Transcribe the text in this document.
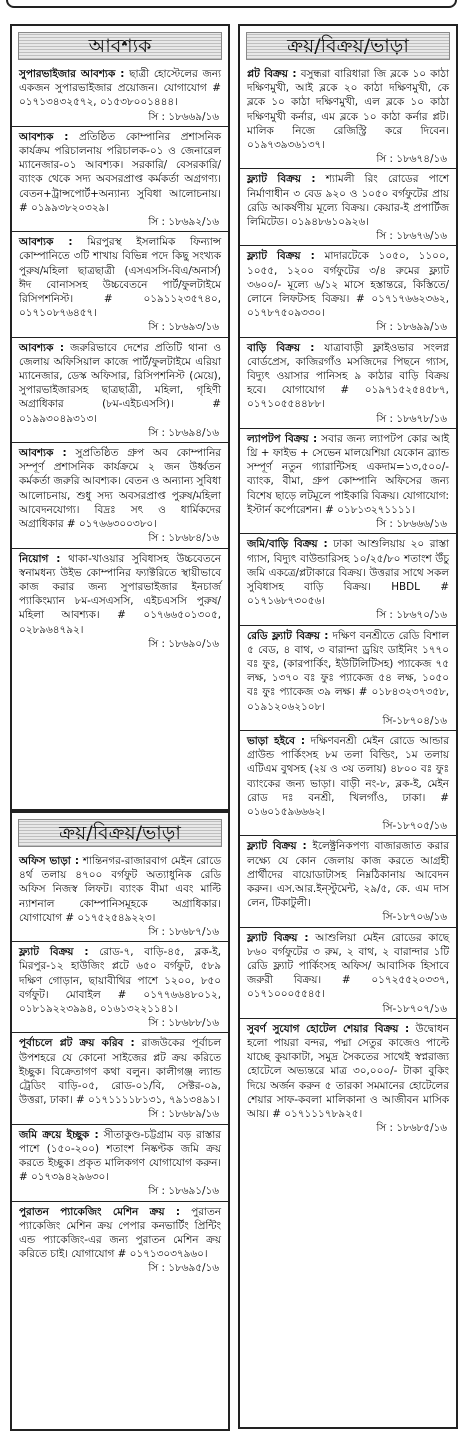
আবশ্যক
সুপারভাইজার আবশ্যক : ছাত্রী হোস্টেলের জন্য একজন সুপারভাইজার প্রয়োজন। যোগাযোগ # ০১৭১৩৪৩২৫৭২, ০১৫৩৮০০১৪৪৪।
সি : ১৮৬৬৯/১৬
আবশ্যক : প্রতিষ্ঠিত কোম্পানির প্রশাসনিক কার্যক্রম পরিচালনায় পরিচালক-০১ ও জেনারেল ম্যানেজার-০১ আবশ্যক। সরকারি/ বেসরকারি/ ব্যাংক থেকে সদ্য অবসরপ্রাপ্ত কর্মকর্তা অগ্রগণ্য। বেতন+ট্রান্সপোর্ট+অন্যান্য সুবিধা আলোচনায়। # ০১৯৯৩৮২০৩২৯।
সি : ১৮৬৯২/১৬
আবশ্যক : মিরপুরস্থ ইসলামিক ফিন্যান্স কোম্পানিতে ৩টি শাখায় বিভিন্ন পদে কিছু সংখ্যক পুরুষ/মহিলা ছাত্রছাত্রী (এসএসসি-বিএ/অনার্স) ঈদ বোনাসসহ উচ্চবেতনে পার্ট/ফুলটাইমে রিসিপশনিস্ট। # ০১৯১১২৩৫৭৪০, ০১৭১০৮৭৬৪৫৭।
সি : ১৮৬৯৩/১৬
আবশ্যক : জরুরিভাবে দেশের প্রতিটি থানা ও জেলায় অফিসিয়াল কাজে পার্ট/ফুলটাইমে এরিয়া ম্যানেজার, ডেস্ক অফিসার, রিসিপশনিস্ট (মেয়ে), সুপারভাইজারসহ ছাত্রছাত্রী, মহিলা, গৃহিণী অগ্রাধিকার (৮ম-এইচএসসি)। # ০১৯৯৩০৪৯৩১৩।
সি : ১৮৬৯৪/১৬
আবশ্যক : সুপ্রতিষ্ঠিত গ্রুপ অব কোম্পানির সম্পূর্ণ প্রশাসনিক কার্যক্রমে ২ জন উর্ধ্বতন কর্মকর্তা জরুরি আবশ্যক। বেতন ও অন্যান্য সুবিধা আলোচনায়, শুধু সদ্য অবসরপ্রাপ্ত পুরুষ/মহিলা আবেদনযোগ্য। বিদ্রঃ সৎ ও ধার্মিকদের অগ্রাধিকার # ০১৭৬৬৩০০৩৮০।
সি : ১৮৬৮৪/১৬
নিয়োগ : থাকা-খাওয়ার সুবিধাসহ উচ্চবেতনে স্বনামধন্য উইভ কোম্পানির ফ্যাক্টরিতে স্থায়ীভাবে কাজ করার জন্য সুপারভাইজার ইনচার্জ প্যাকিংম্যান ৮ম-এসএসসি, এইচএসসি পুরুষ/মহিলা আবশ্যক। # ০১৭৬৬৫০১৩০৫, ০২৮৯৬৪৭৯২।
সি : ১৮৬৯০/১৬
ক্রয়/বিক্রয়/ভাড়া
অফিস ভাড়া : শান্তিনগর-রাজারবাগ মেইন রোডে ৪র্থ তলায় ৪৭০০ বর্গফুট অত্যাধুনিক রেডি অফিস নিজস্ব লিফট। ব্যাংক বীমা এবং মাল্টি ন্যাশনাল কোম্পানিসমূহকে অগ্রাধিকার। যোগাযোগ # ০১৭৫২৫৪৯২২৩।
সি : ১৮৬৮৭/১৬
ফ্ল্যাট বিক্রয় : রোড-৭, বাড়ি-৪৫, ব্লক-ই, মিরপুর-১২ হাউজিং প্লটে ৬৫০ বর্গফুট, ৫৮৯ দক্ষিণ গোড়ান, ছায়াবীথির পাশে ১২০০, ৮৫০ বর্গফুট। মোবাইল # ০১৭৭৬৬৪৮০১২, ০১৮১৯২২৩৯৯৪, ০১৬১৩২২১১৪১।
সি : ১৮৬৮৮/১৬
পূর্বাচলে প্লট ক্রয় করিব : রাজউকের পূর্বাচল উপশহরে যে কোনো সাইজের প্লট ক্রয় করিতে ইচ্ছুক। বিক্রেতাগণ কথা বলুন। কালীগঞ্জ ল্যান্ড ট্রেডিং বাড়ি-০৫, রোড-০১/বি, সেক্টর-০৯, উত্তরা, ঢাকা। # ০১৭১১১১৮১৩১, ৭৯১৩৪৯১।
সি : ১৮৬৮৯/১৬
জমি ক্রয়ে ইচ্ছুক : সীতাকুণ্ড-চট্টগ্রাম বড় রাস্তার পাশে (১৫০-২০০) শতাংশ নিষ্কণ্টক জমি ক্রয় করতে ইচ্ছুক। প্রকৃত মালিকগণ যোগাযোগ করুন। # ০১৭৩৯৪২৯৬৩০।
সি : ১৮৬৯১/১৬
পুরাতন প্যাকেজিং মেশিন ক্রয় : পুরাতন প্যাকেজিং মেশিন ক্রয় পেপার কনভার্টিং প্রিন্টিং এন্ড প্যাকেজিং-এর জন্য পুরাতন মেশিন ক্রয় করিতে চাই। যোগাযোগ # ০১৭১৩০৩৭৯৬০।
সি : ১৮৬৯৫/১৬
ক্রয়/বিক্রয়/ভাড়া
প্লট বিক্রয় : বসুন্ধরা বারিধারা জি ব্লকে ১০ কাঠা দক্ষিণমুখী, আই ব্লকে ২০ কাঠা দক্ষিণমুখী, কে ব্লকে ১০ কাঠা দক্ষিণমুখী, এল ব্লকে ১০ কাঠা দক্ষিণমুখী কর্নার, এম ব্লকে ১০ কাঠা কর্নার প্লট। মালিক নিজে রেজিস্ট্রি করে দিবেন। ০১৯৭৩৯৩৬১৩৭।
সি : ১৮৬৭৪/১৬
ফ্ল্যাট বিক্রয় : শ্যামলী রিং রোডের পাশে নির্মাণাধীন ৩ বেড ৯২০ ও ১০৫০ বর্গফুটের প্রায় রেডি আকর্ষণীয় মূল্যে বিক্রয়। কেয়ার-ই প্রপার্টিজ লিমিটেড। ০১৯৪৮৬১০৯২৬।
সি : ১৮৬৭৬/১৬
ফ্ল্যাট বিক্রয় : মাদারটেকে ১০৫০, ১১০০, ১০৫৫, ১২০০ বর্গফুটের ৩/৪ রুমের ফ্ল্যাট ৩৬০০/- মূল্যে ৬/১২ মাসে হস্তান্তরে, কিস্তিতে/লোনে লিফটসহ বিক্রয়। # ০১৭১৭৬৬২৩৬২, ০১৭৮৭৫০৯৩৩০।
সি : ১৮৬৯৯/১৬
বাড়ি বিক্রয় : যাত্রাবাড়ী ফ্লাইওভার সংলগ্ন বোর্ডপ্রেস, কাজিরগাঁও মসজিদের পিছনে গ্যাস, বিদ্যুৎ ওয়াসার পানিসহ ৯ কাঠার বাড়ি বিক্রয় হবে। যোগাযোগ # ০১৯৭১৫২৫৪৫৮৭, ০১৭১০৫৫৪৪৮৮।
সি : ১৮৬৭৮/১৬
ল্যাপটপ বিক্রয় : সবার জন্য ল্যাপটপ কোর আই থ্রি + ফাইভ + সেভেন মালয়েশিয়া যেকোন ব্র্যান্ড সম্পূর্ণ নতুন গ্যারান্টিসহ একদাম=১৩,৫০০/- ব্যাংক, বীমা, গ্রুপ কোম্পানি অফিসের জন্য বিশেষ ছাড়ে লটমূলে পাইকারি বিক্রয়। যোগাযোগ: ইস্টার্ন কর্পোরেশন। # ০১৮১৩২৭১১১১।
সি : ১৮৬৬৬/১৬
জমি/বাড়ি বিক্রয় : ঢাকা আশুলিয়ায় ২০ রাস্তা গ্যাস, বিদ্যুৎ বাউন্ডারিসহ ১০/২৫/৮০ শতাংশ উঁচু জমি একত্রে/প্লটাকারে বিক্রয়। উত্তরার সাথে সকল সুবিধাসহ বাড়ি বিক্রয়। HBDL # ০১৭১৬৮৭৩০৫৬।
সি : ১৮৬৭০/১৬
রেডি ফ্ল্যাট বিক্রয় : দক্ষিণ বনশ্রীতে রেডি বিশাল ৫ বেড, ৪ বাথ, ৩ বারান্দা ড্রয়িং ডাইনিং ১৭৭০ বঃ ফুঃ, (কারপার্কিং, ইউটিলিটিসহ) প্যাকেজ ৭৫ লক্ষ, ১৩৭০ বঃ ফুঃ প্যাকেজ ৫৪ লক্ষ, ১০৫০ বঃ ফুঃ প্যাকেজ ৩৯ লক্ষ। # ০১৮৪৩২৩৭৩৫৮, ০১৯১২০৬২১০৮।
সি-১৮৭০৪/১৬
ভাড়া হইবে : দক্ষিণবনশ্রী মেইন রোডে আন্ডার গ্রাউন্ড পার্কিংসহ ৮ম তলা বিল্ডিং, ১ম তলায় এটিএম বুথসহ (২য় ও ৩য় তলায়) ৪৮০০ বঃ ফুঃ ব্যাংকের জন্য ভাড়া। বাড়ী নং-৮, ব্লক-ই, মেইন রোড দঃ বনশ্রী, খিলগাঁও, ঢাকা। # ০১৬০১৫৯৬৬৬২।
সি-১৮৭০৫/১৬
ফ্ল্যাট বিক্রয় : ইলেক্ট্রনিকপণ্য বাজারজাত করার লক্ষ্যে যে কোন জেলায় কাজ করতে আগ্রহী প্রার্থীদের বায়োডাটাসহ নিম্নঠিকানায় আবেদন করুন। এস.আর.ইন্স্টুমেন্ট, ২৯/৫, কে. এম দাস লেন, টিকাটুলী।
সি-১৮৭০৬/১৬
ফ্ল্যাট বিক্রয় : আশুলিয়া মেইন রোডের কাছে ৮৬০ বর্গফুটের ৩ রুম, ২ বাথ, ২ বারান্দার ১টি রেডি ফ্ল্যাট পার্কিংসহ অফিস/ আবাসিক হিসাবে জরুরী বিক্রয়। # ০১৭২৫৫২০৩৩৭, ০১৭১০০০৫৫৪৫।
সি-১৮৭০৭/১৬
সুবর্ণ সুযোগ হোটেল শেয়ার বিক্রয় : উদ্বোধন হলো পায়রা বন্দর, পদ্মা সেতুর কাজেও পাল্টে যাচ্ছে কুয়াকাটা, সমুদ্র সৈকতের সাথেই স্বপ্নরাজ্য হোটেলে অভ্যন্তরে মাত্র ৩০,০০০/- টাকা বুকিং দিয়ে অর্জন করুন ৫ তারকা সমমানের হোটেলের শেয়ার সাফ-কবলা মালিকানা ও আজীবন মাসিক আয়। # ০১৭১১১৭৮৯২৫।
সি : ১৮৬৮৫/১৬
